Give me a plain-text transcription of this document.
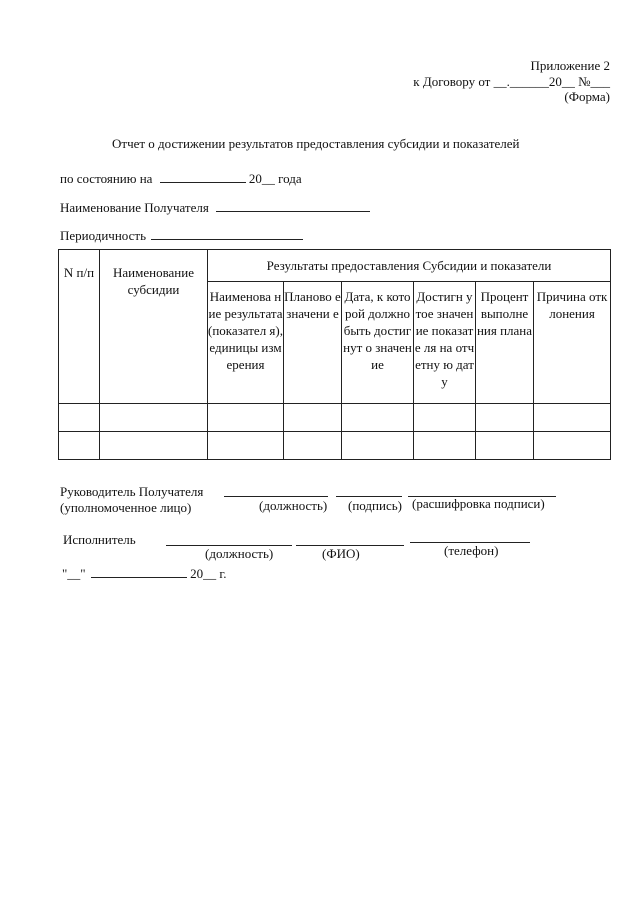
Приложение 2
к Договору от __.______20__ №___
(Форма)
Отчет о достижении результатов предоставления субсидии и показателей
по состоянию на	20__ года
Наименование Получателя
Периодичность
N п/п	Наименование субсидии	Результаты предоставления Субсидии и показатели					
		Наименова ние результата (показател я), единицы измерения	Планово е значени е	Дата, к которой должно быть достигнут о значение	Достигн утое значение показате ля на отчетну ю дату	Процент выполне ния плана	Причина отклонения

Руководитель Получателя
(уполномоченное лицо)	(должность) (подпись) (расшифровка подписи)
Исполнитель
(должность)	(ФИО)	(телефон)
"__"	20__ г.
